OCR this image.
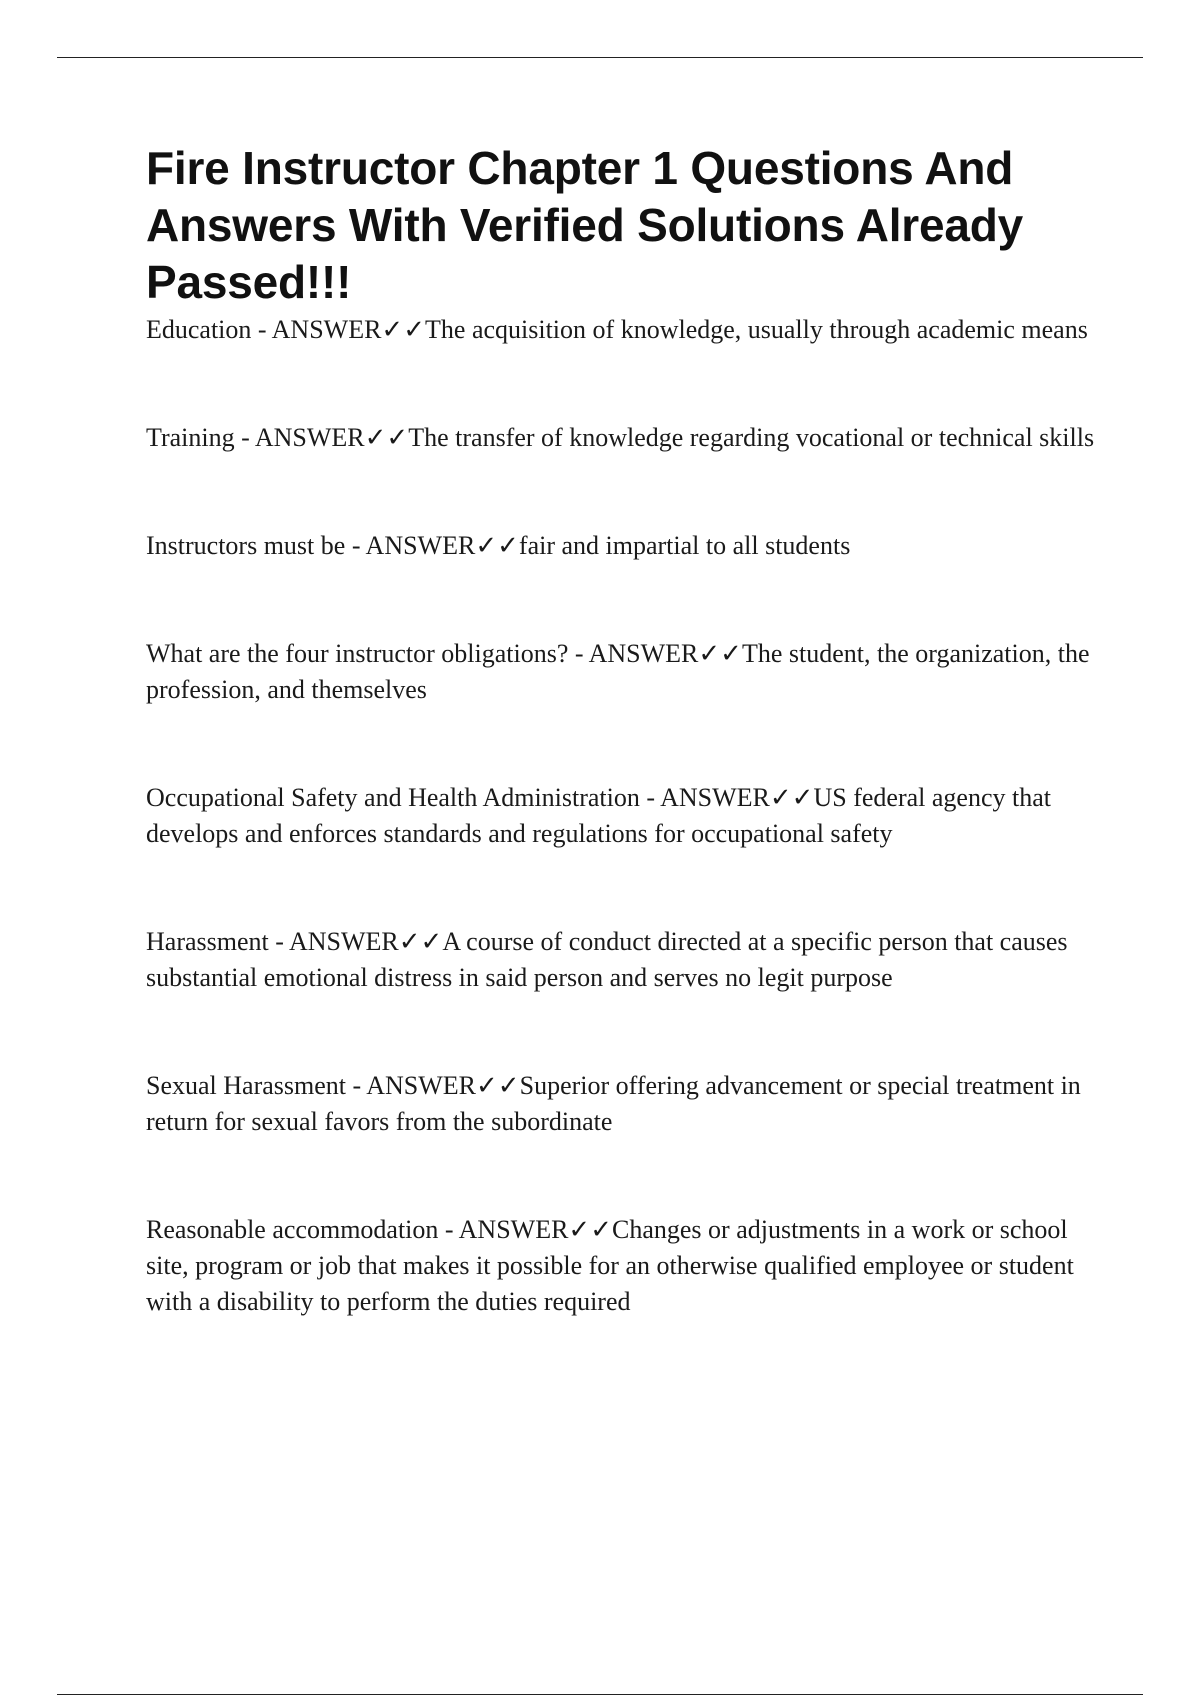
Fire Instructor Chapter 1 Questions And Answers With Verified Solutions Already Passed!!!
Education - ANSWER✓✓The acquisition of knowledge, usually through academic means
Training - ANSWER✓✓The transfer of knowledge regarding vocational or technical skills
Instructors must be - ANSWER✓✓fair and impartial to all students
What are the four instructor obligations? - ANSWER✓✓The student, the organization, the profession, and themselves
Occupational Safety and Health Administration - ANSWER✓✓US federal agency that develops and enforces standards and regulations for occupational safety
Harassment - ANSWER✓✓A course of conduct directed at a specific person that causes substantial emotional distress in said person and serves no legit purpose
Sexual Harassment - ANSWER✓✓Superior offering advancement or special treatment in return for sexual favors from the subordinate
Reasonable accommodation - ANSWER✓✓Changes or adjustments in a work or school site, program or job that makes it possible for an otherwise qualified employee or student with a disability to perform the duties required
